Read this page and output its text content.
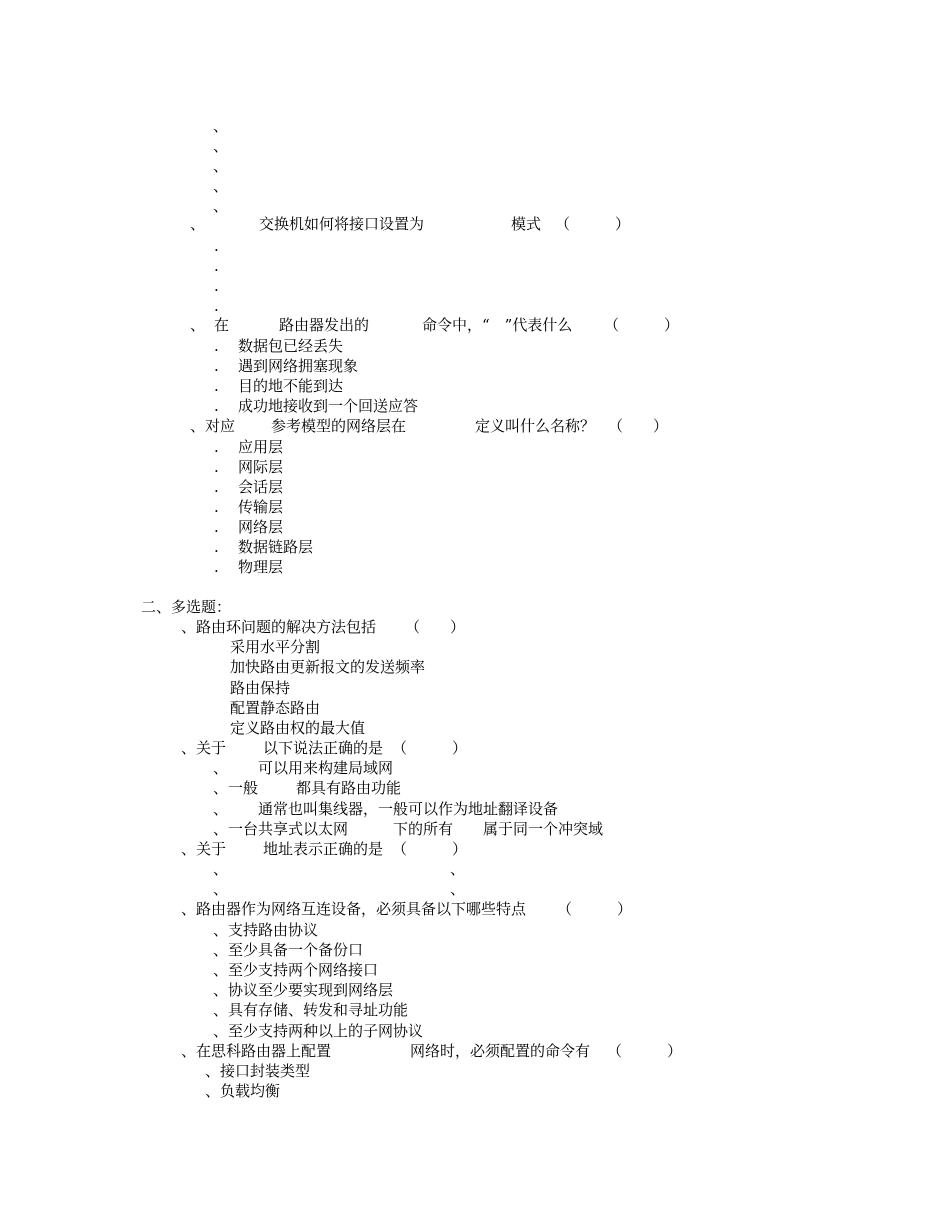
、
、
、
、
、
、	交换机如何将接口设置为	模式 （　　　）
.
.
.
.
、 在	路由器发出的	命令中，“　”代表什么 （　　　）
. 数据包已经丢失
. 遇到网络拥塞现象
. 目的地不能到达
. 成功地接收到一个回送应答
、对应 参考模型的网络层在	定义叫什么名称？ （　　）
. 应用层
. 网际层
. 会话层
. 传输层
. 网络层
. 数据链路层
. 物理层
二、多选题：
、路由环问题的解决方法包括 （　　）
采用水平分割
加快路由更新报文的发送频率
路由保持
配置静态路由
定义路由权的最大值
、关于 以下说法正确的是 （　　　）
、 可以用来构建局域网
、一般	都具有路由功能
、 通常也叫集线器，一般可以作为地址翻译设备
、一台共享式以太网	下的所有 属于同一个冲突域
、关于 地址表示正确的是 （　　　）
、	、
、	、
、路由器作为网络互连设备，必须具备以下哪些特点 （　　　）
、支持路由协议
、至少具备一个备份口
、至少支持两个网络接口
、协议至少要实现到网络层
、具有存储、转发和寻址功能
、至少支持两种以上的子网协议
、在思科路由器上配置	网络时，必须配置的命令有 （　　　）
、接口封装类型
、负载均衡
